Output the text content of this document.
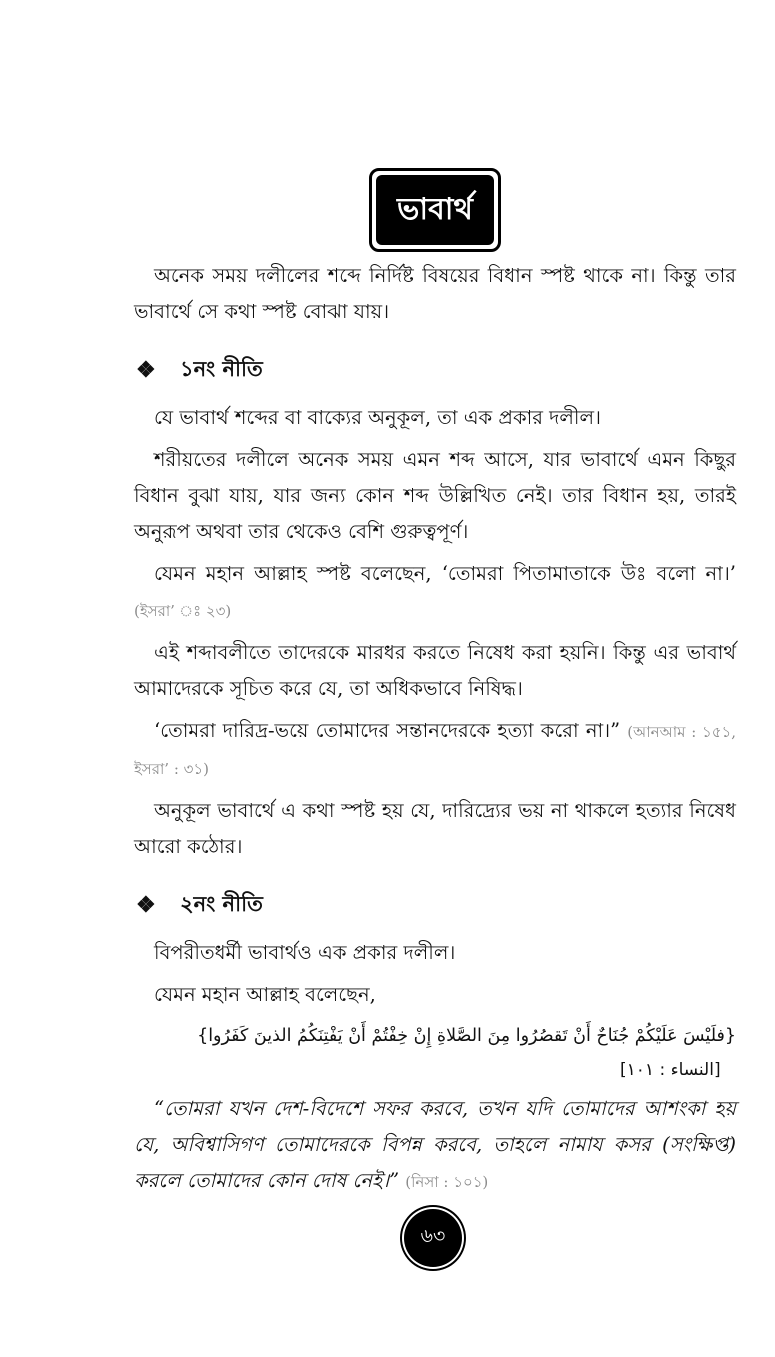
ভাবার্থ

অনেক সময় দলীলের শব্দে নির্দিষ্ট বিষয়ের বিধান স্পষ্ট থাকে না। কিন্তু তার ভাবার্থে সে কথা স্পষ্ট বোঝা যায়।

❖	১নং নীতি

যে ভাবার্থ শব্দের বা বাক্যের অনুকূল, তা এক প্রকার দলীল।

শরীয়তের দলীলে অনেক সময় এমন শব্দ আসে, যার ভাবার্থে এমন কিছুর বিধান বুঝা যায়, যার জন্য কোন শব্দ উল্লিখিত নেই। তার বিধান হয়, তারই অনুরূপ অথবা তার থেকেও বেশি গুরুত্বপূর্ণ।

যেমন মহান আল্লাহ স্পষ্ট বলেছেন, ‘তোমরা পিতামাতাকে উঃ বলো না।’ (ইসরা’ ঃ ২৩)

এই শব্দাবলীতে তাদেরকে মারধর করতে নিষেধ করা হয়নি। কিন্তু এর ভাবার্থ আমাদেরকে সূচিত করে যে, তা অধিকভাবে নিষিদ্ধ।

‘তোমরা দারিদ্র-ভয়ে তোমাদের সন্তানদেরকে হত্যা করো না।” (আনআম : ১৫১, ইসরা’ : ৩১)

অনুকূল ভাবার্থে এ কথা স্পষ্ট হয় যে, দারিদ্র্যের ভয় না থাকলে হত্যার নিষেধ আরো কঠোর।

❖	২নং নীতি

বিপরীতধর্মী ভাবার্থও এক প্রকার দলীল।

যেমন মহান আল্লাহ বলেছেন,

{فلَيْسَ عَلَيْكُمْ جُنَاحٌ أَنْ تَقصُرُوا مِنَ الصَّلاةِ إِنْ خِفْتُمْ أَنْ يَفْتِنَكُمُ الذينَ كَفَرُوا}

[النساء : ١٠١]

“তোমরা যখন দেশ-বিদেশে সফর করবে, তখন যদি তোমাদের আশংকা হয় যে, অবিশ্বাসিগণ তোমাদেরকে বিপন্ন করবে, তাহলে নামায কসর (সংক্ষিপ্ত) করলে তোমাদের কোন দোষ নেই।” (নিসা : ১০১)

৬৩
